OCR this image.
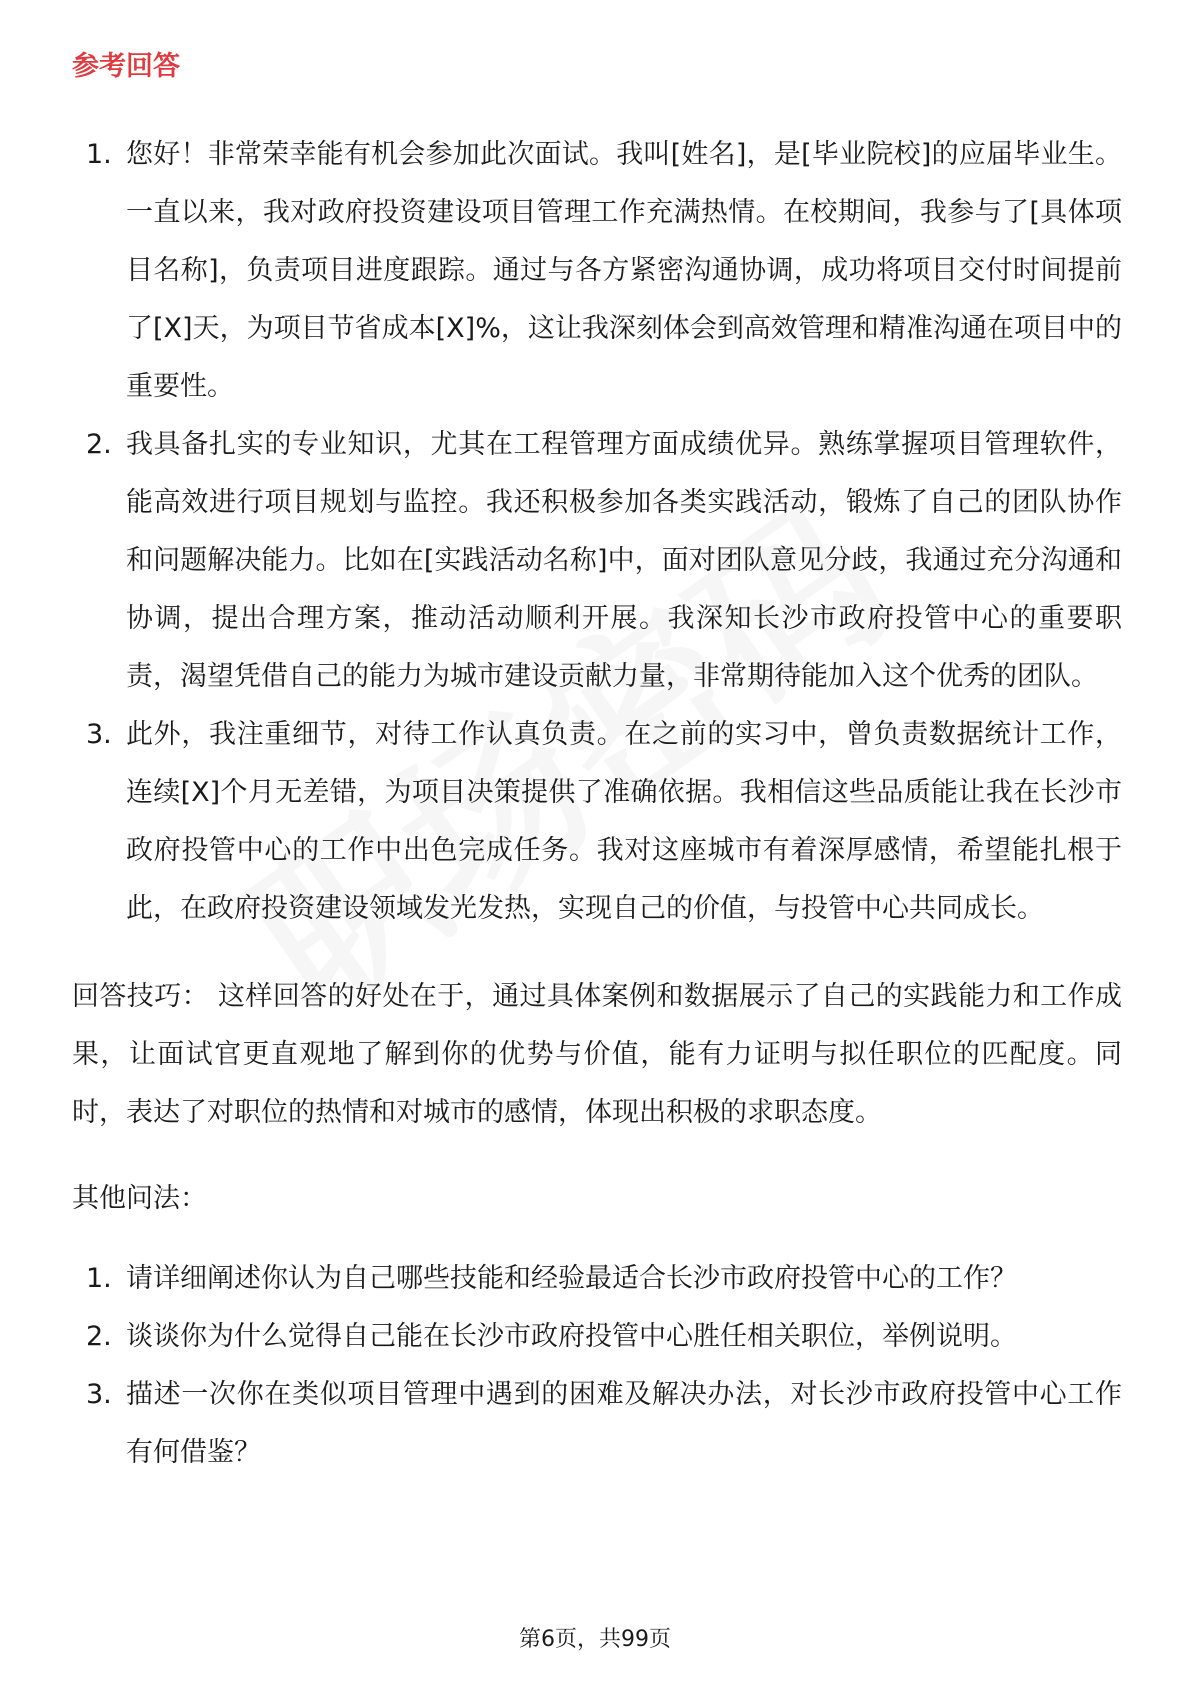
参考回答
1. 您好！非常荣幸能有机会参加此次面试。我叫[姓名]，是[毕业院校]的应届毕业生。一直以来，我对政府投资建设项目管理工作充满热情。在校期间，我参与了[具体项目名称]，负责项目进度跟踪。通过与各方紧密沟通协调，成功将项目交付时间提前了[X]天，为项目节省成本[X]%，这让我深刻体会到高效管理和精准沟通在项目中的重要性。
2. 我具备扎实的专业知识，尤其在工程管理方面成绩优异。熟练掌握项目管理软件，能高效进行项目规划与监控。我还积极参加各类实践活动，锻炼了自己的团队协作和问题解决能力。比如在[实践活动名称]中，面对团队意见分歧，我通过充分沟通和协调，提出合理方案，推动活动顺利开展。我深知长沙市政府投管中心的重要职责，渴望凭借自己的能力为城市建设贡献力量，非常期待能加入这个优秀的团队。
3. 此外，我注重细节，对待工作认真负责。在之前的实习中，曾负责数据统计工作，连续[X]个月无差错，为项目决策提供了准确依据。我相信这些品质能让我在长沙市政府投管中心的工作中出色完成任务。我对这座城市有着深厚感情，希望能扎根于此，在政府投资建设领域发光发热，实现自己的价值，与投管中心共同成长。
回答技巧： 这样回答的好处在于，通过具体案例和数据展示了自己的实践能力和工作成果，让面试官更直观地了解到你的优势与价值，能有力证明与拟任职位的匹配度。同时，表达了对职位的热情和对城市的感情，体现出积极的求职态度。
其他问法：
1. 请详细阐述你认为自己哪些技能和经验最适合长沙市政府投管中心的工作？
2. 谈谈你为什么觉得自己能在长沙市政府投管中心胜任相关职位，举例说明。
3. 描述一次你在类似项目管理中遇到的困难及解决办法，对长沙市政府投管中心工作有何借鉴？
第6页，共99页
